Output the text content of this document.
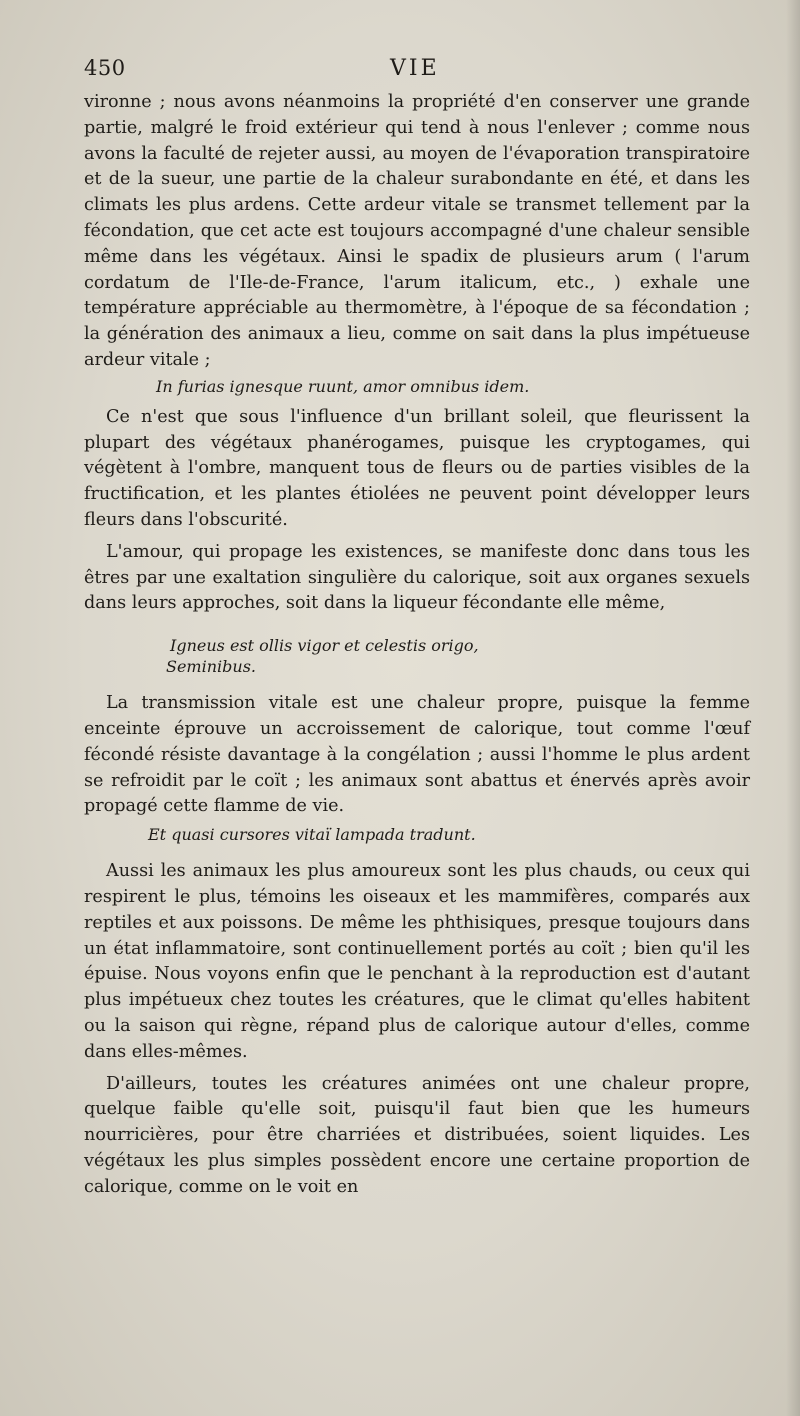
450	VIE

vironne ; nous avons néanmoins la propriété d'en conserver une grande partie, malgré le froid extérieur qui tend à nous l'enlever ; comme nous avons la faculté de rejeter aussi, au moyen de l'évaporation transpiratoire et de la sueur, une partie de la chaleur surabondante en été, et dans les climats les plus ardens. Cette ardeur vitale se transmet tellement par la fécondation, que cet acte est toujours accompagné d'une chaleur sensible même dans les végétaux. Ainsi le spadix de plusieurs arum ( l'arum cordatum de l'Ile-de-France, l'arum italicum, etc., ) exhale une température appréciable au thermomètre, à l'époque de sa fécondation ; la génération des animaux a lieu, comme on sait dans la plus impétueuse ardeur vitale ;

In furias ignesque ruunt, amor omnibus idem.

Ce n'est que sous l'influence d'un brillant soleil, que fleurissent la plupart des végétaux phanérogames, puisque les cryptogames, qui végètent à l'ombre, manquent tous de fleurs ou de parties visibles de la fructification, et les plantes étiolées ne peuvent point développer leurs fleurs dans l'obscurité.

L'amour, qui propage les existences, se manifeste donc dans tous les êtres par une exaltation singulière du calorique, soit aux organes sexuels dans leurs approches, soit dans la liqueur fécondante elle même,

Igneus est ollis vigor et celestis origo,

Seminibus.

La transmission vitale est une chaleur propre, puisque la femme enceinte éprouve un accroissement de calorique, tout comme l'œuf fécondé résiste davantage à la congélation ; aussi l'homme le plus ardent se refroidit par le coït ; les animaux sont abattus et énervés après avoir propagé cette flamme de vie.

Et quasi cursores vitaï lampada tradunt.

Aussi les animaux les plus amoureux sont les plus chauds, ou ceux qui respirent le plus, témoins les oiseaux et les mammifères, comparés aux reptiles et aux poissons. De même les phthisiques, presque toujours dans un état inflammatoire, sont continuellement portés au coït ; bien qu'il les épuise. Nous voyons enfin que le penchant à la reproduction est d'autant plus impétueux chez toutes les créatures, que le climat qu'elles habitent ou la saison qui règne, répand plus de calorique autour d'elles, comme dans elles-mêmes.

D'ailleurs, toutes les créatures animées ont une chaleur propre, quelque faible qu'elle soit, puisqu'il faut bien que les humeurs nourricières, pour être charriées et distribuées, soient liquides. Les végétaux les plus simples possèdent encore une certaine proportion de calorique, comme on le voit en
